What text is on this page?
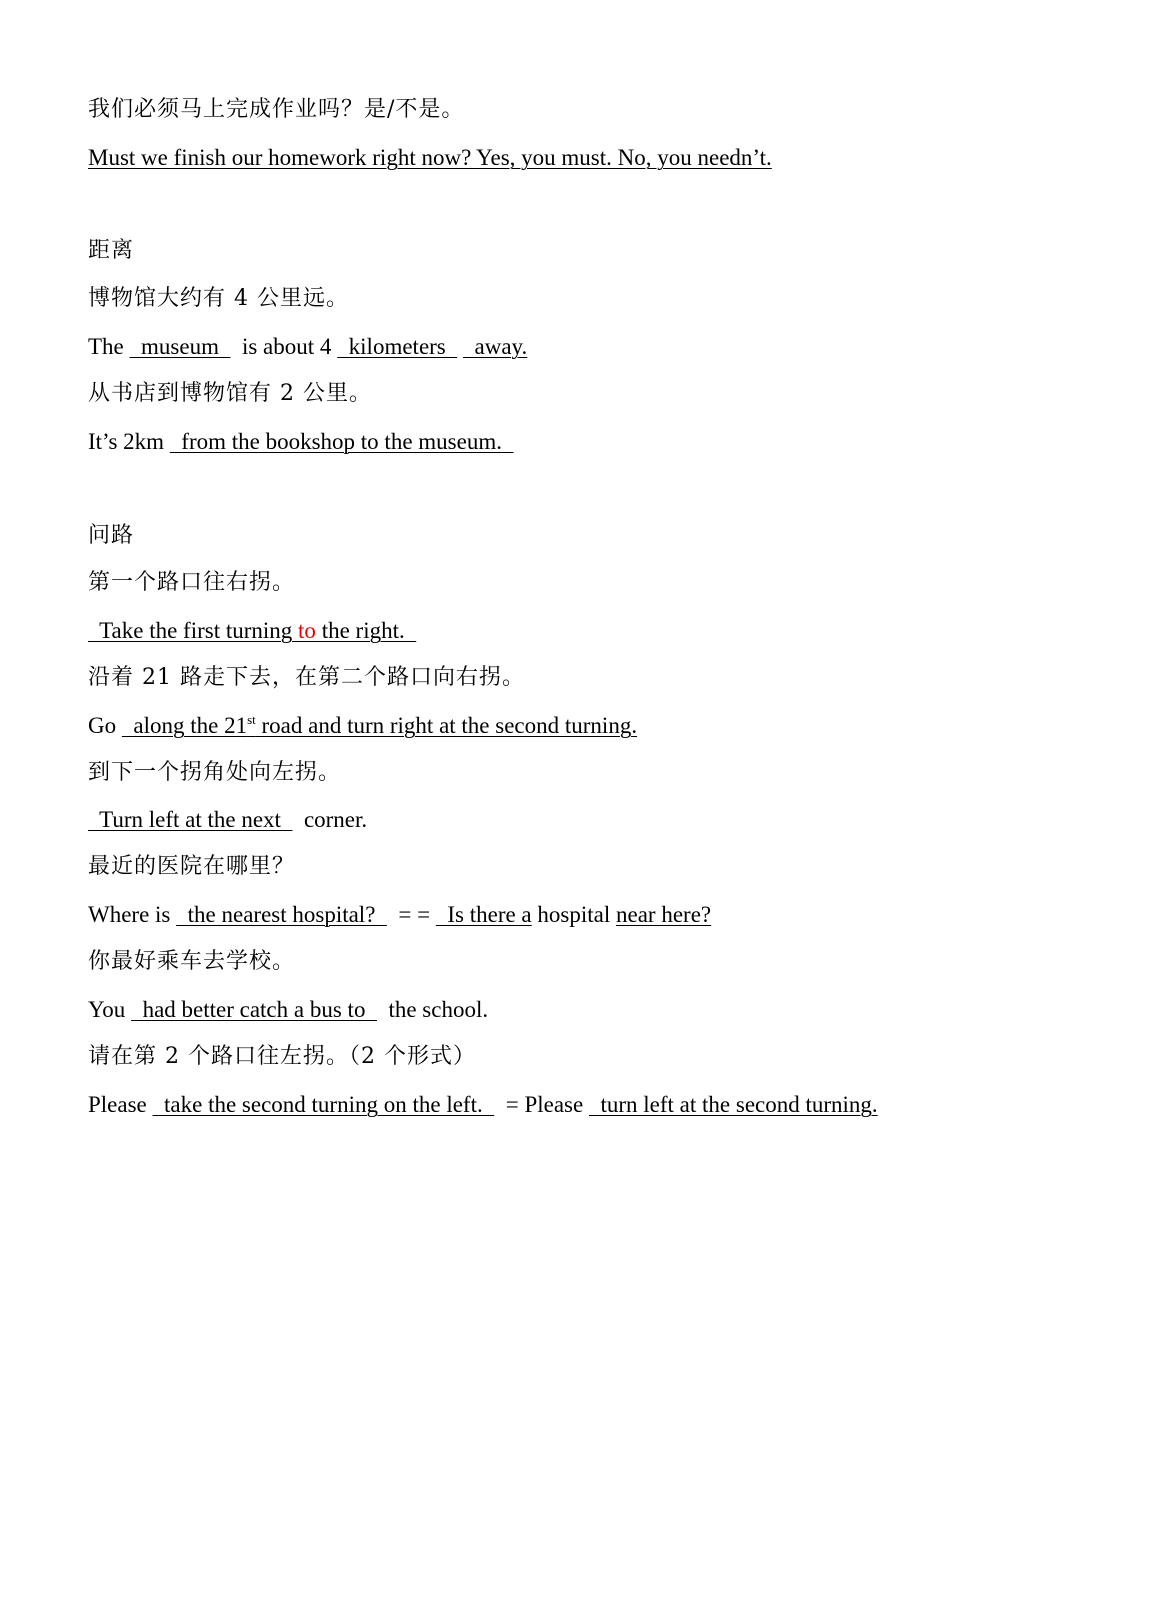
我们必须马上完成作业吗？是/不是。
Must we finish our homework right now? Yes, you must. No, you needn’t.
距离
博物馆大约有 4 公里远。
The   museum    is about 4   kilometers     away.
从书店到博物馆有 2 公里。
It’s 2km   from the bookshop to the museum.
问路
第一个路口往右拐。
Take the first turning to the right.
沿着 21 路走下去，在第二个路口向右拐。
Go   along the 21st road and turn right at the second turning.
到下一个拐角处向左拐。
Turn left at the next    corner.
最近的医院在哪里？
Where is   the nearest hospital?    = =   Is there a hospital near here?
你最好乘车去学校。
You   had better catch a bus to    the school.
请在第 2 个路口往左拐。（2 个形式）
Please   take the second turning on the left.    = Please   turn left at the second turning.
